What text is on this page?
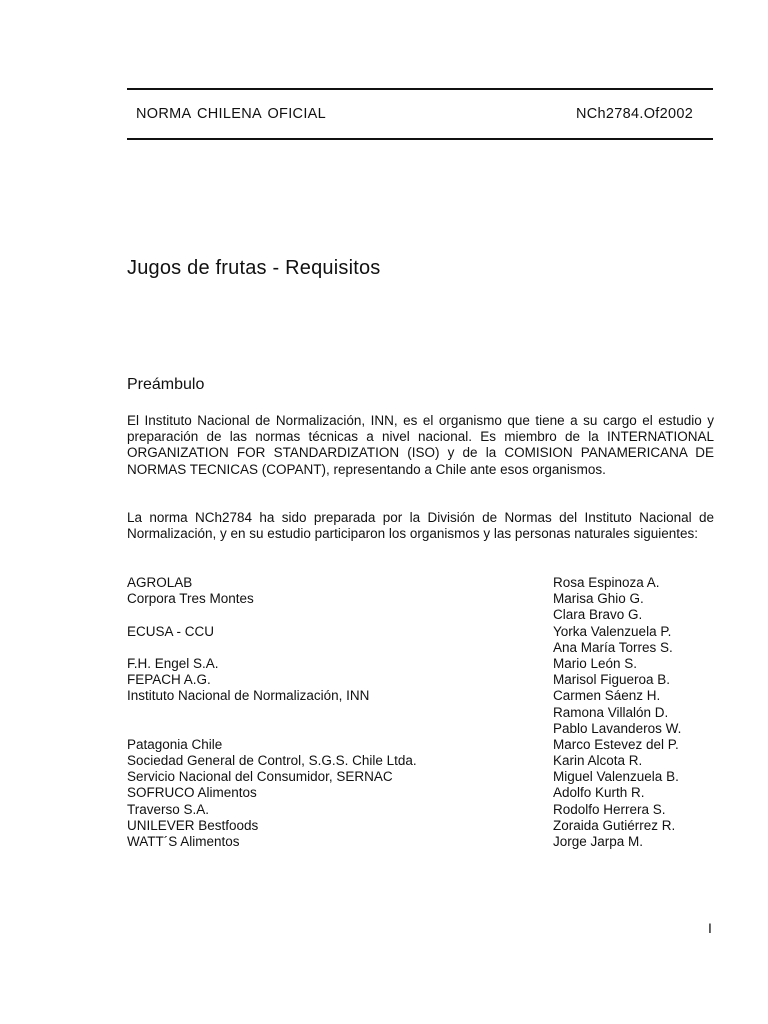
NORMA CHILENA OFICIAL	NCh2784.Of2002
Jugos de frutas - Requisitos
Preámbulo

El Instituto Nacional de Normalización, INN, es el organismo que tiene a su cargo el estudio y preparación de las normas técnicas a nivel nacional. Es miembro de la INTERNATIONAL ORGANIZATION FOR STANDARDIZATION (ISO) y de la COMISION PANAMERICANA DE NORMAS TECNICAS (COPANT), representando a Chile ante esos organismos.

La norma NCh2784 ha sido preparada por la División de Normas del Instituto Nacional de Normalización, y en su estudio participaron los organismos y las personas naturales siguientes:

AGROLAB
Corpora Tres Montes
ECUSA - CCU
F.H. Engel S.A.
FEPACH A.G.
Instituto Nacional de Normalización, INN
Patagonia Chile
Sociedad General de Control, S.G.S. Chile Ltda.
Servicio Nacional del Consumidor, SERNAC
SOFRUCO Alimentos
Traverso S.A.
UNILEVER Bestfoods
WATT´S Alimentos
Rosa Espinoza A.
Marisa Ghio G.
Clara Bravo G.
Yorka Valenzuela P.
Ana María Torres S.
Mario León S.
Marisol Figueroa B.
Carmen Sáenz H.
Ramona Villalón D.
Pablo Lavanderos W.
Marco Estevez del P.
Karin Alcota R.
Miguel Valenzuela B.
Adolfo Kurth R.
Rodolfo Herrera S.
Zoraida Gutiérrez R.
Jorge Jarpa M.
I
